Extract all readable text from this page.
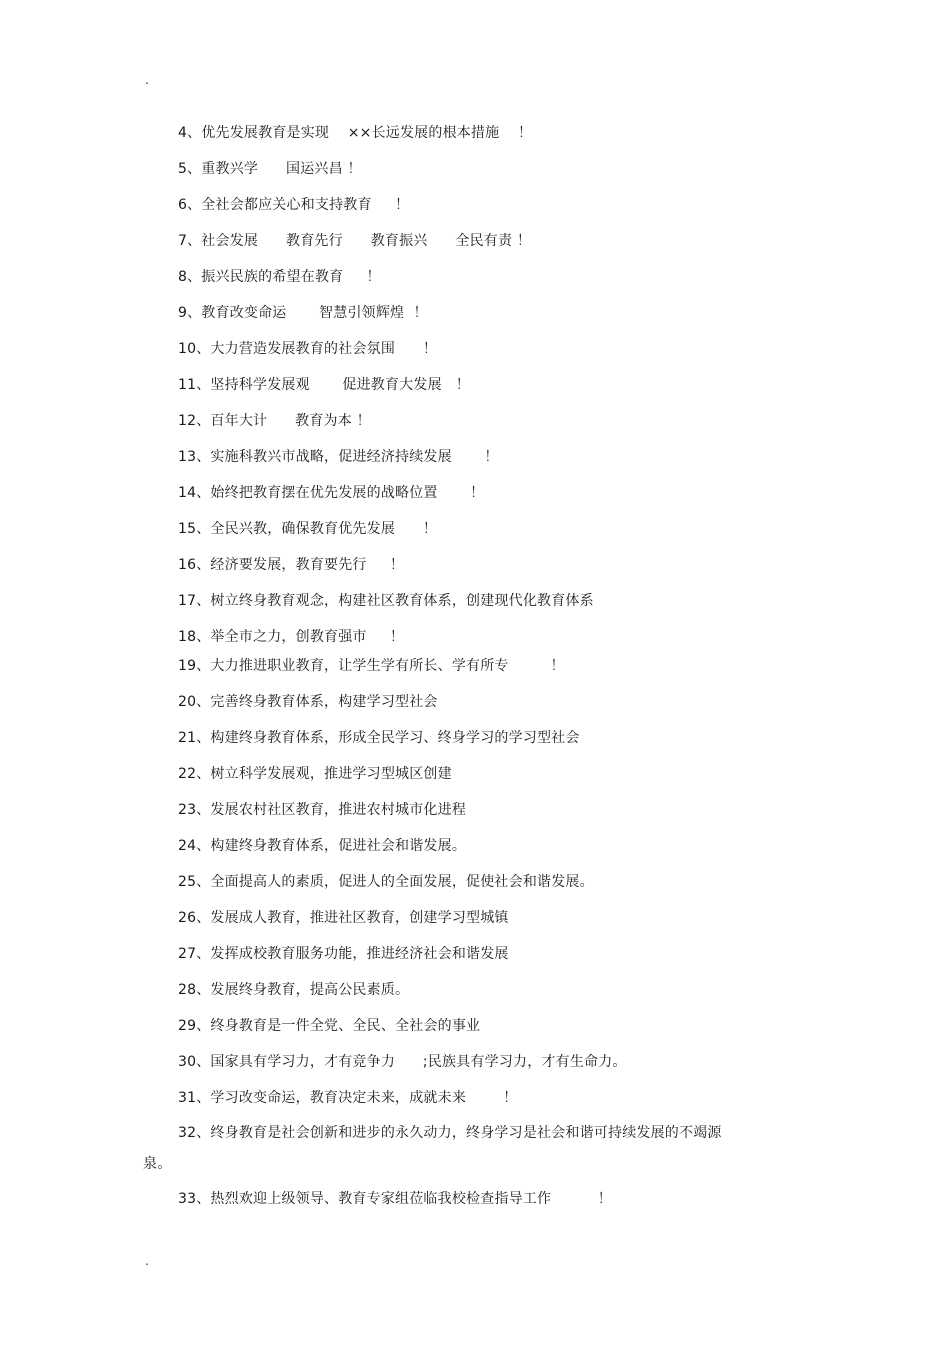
.
4、优先发展教育是实现    ××长远发展的根本措施    ！
5、重教兴学      国运兴昌 ！
6、全社会都应关心和支持教育     ！
7、社会发展      教育先行      教育振兴      全民有责 ！
8、振兴民族的希望在教育     ！
9、教育改变命运       智慧引领辉煌  ！
10、大力营造发展教育的社会氛围      ！
11、坚持科学发展观       促进教育大发展   ！
12、百年大计      教育为本 ！
13、实施科教兴市战略，促进经济持续发展       ！
14、始终把教育摆在优先发展的战略位置       ！
15、全民兴教，确保教育优先发展      ！
16、经济要发展，教育要先行     ！
17、树立终身教育观念，构建社区教育体系，创建现代化教育体系
18、举全市之力，创教育强市     ！
19、大力推进职业教育，让学生学有所长、学有所专         ！
20、完善终身教育体系，构建学习型社会
21、构建终身教育体系，形成全民学习、终身学习的学习型社会
22、树立科学发展观，推进学习型城区创建
23、发展农村社区教育，推进农村城市化进程
24、构建终身教育体系，促进社会和谐发展。
25、全面提高人的素质，促进人的全面发展，促使社会和谐发展。
26、发展成人教育，推进社区教育，创建学习型城镇
27、发挥成校教育服务功能，推进经济社会和谐发展
28、发展终身教育，提高公民素质。
29、终身教育是一件全党、全民、全社会的事业
30、国家具有学习力，才有竞争力      ;民族具有学习力，才有生命力。
31、学习改变命运，教育决定未来，成就未来        ！
32、终身教育是社会创新和进步的永久动力，终身学习是社会和谐可持续发展的不竭源泉。
33、热烈欢迎上级领导、教育专家组莅临我校检查指导工作          ！
.
